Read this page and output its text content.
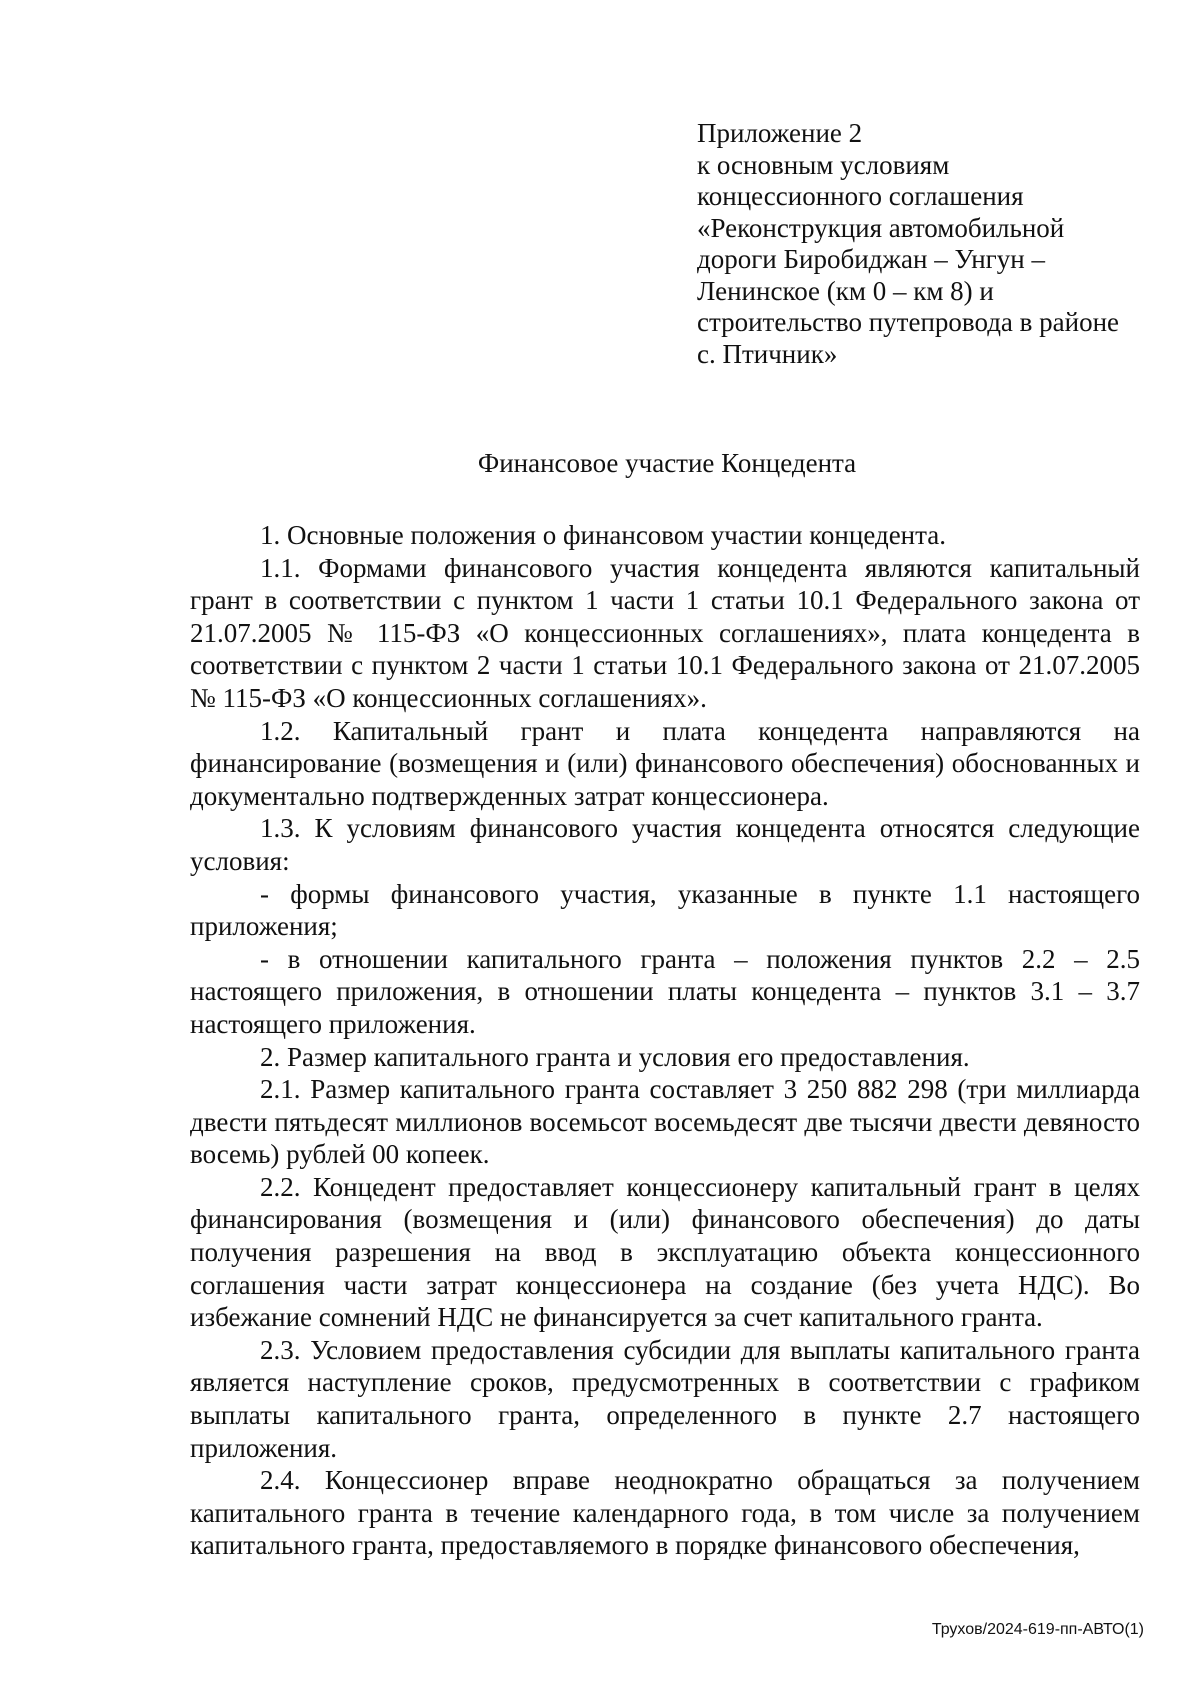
Приложение 2
к основным условиям
концессионного соглашения
«Реконструкция автомобильной
дороги Биробиджан – Унгун –
Ленинское (км 0 – км 8) и
строительство путепровода в районе
с. Птичник»
Финансовое участие Концедента

1. Основные положения о финансовом участии концедента.

1.1. Формами финансового участия концедента являются капитальный грант в соответствии с пунктом 1 части 1 статьи 10.1 Федерального закона от 21.07.2005 № 115-ФЗ «О концессионных соглашениях», плата концедента в соответствии с пунктом 2 части 1 статьи 10.1 Федерального закона от 21.07.2005 № 115-ФЗ «О концессионных соглашениях».

1.2. Капитальный грант и плата концедента направляются на финансирование (возмещения и (или) финансового обеспечения) обоснованных и документально подтвержденных затрат концессионера.

1.3. К условиям финансового участия концедента относятся следующие условия:

- формы финансового участия, указанные в пункте 1.1 настоящего приложения;

- в отношении капитального гранта – положения пунктов 2.2 – 2.5 настоящего приложения, в отношении платы концедента – пунктов 3.1 – 3.7 настоящего приложения.

2. Размер капитального гранта и условия его предоставления.

2.1. Размер капитального гранта составляет 3 250 882 298 (три миллиарда двести пятьдесят миллионов восемьсот восемьдесят две тысячи двести девяносто восемь) рублей 00 копеек.

2.2. Концедент предоставляет концессионеру капитальный грант в целях финансирования (возмещения и (или) финансового обеспечения) до даты получения разрешения на ввод в эксплуатацию объекта концессионного соглашения части затрат концессионера на создание (без учета НДС). Во избежание сомнений НДС не финансируется за счет капитального гранта.

2.3. Условием предоставления субсидии для выплаты капитального гранта является наступление сроков, предусмотренных в соответствии с графиком выплаты капитального гранта, определенного в пункте 2.7 настоящего приложения.

2.4. Концессионер вправе неоднократно обращаться за получением капитального гранта в течение календарного года, в том числе за получением капитального гранта, предоставляемого в порядке финансового обеспечения,

Трухов/2024-619-пп-АВТО(1)
